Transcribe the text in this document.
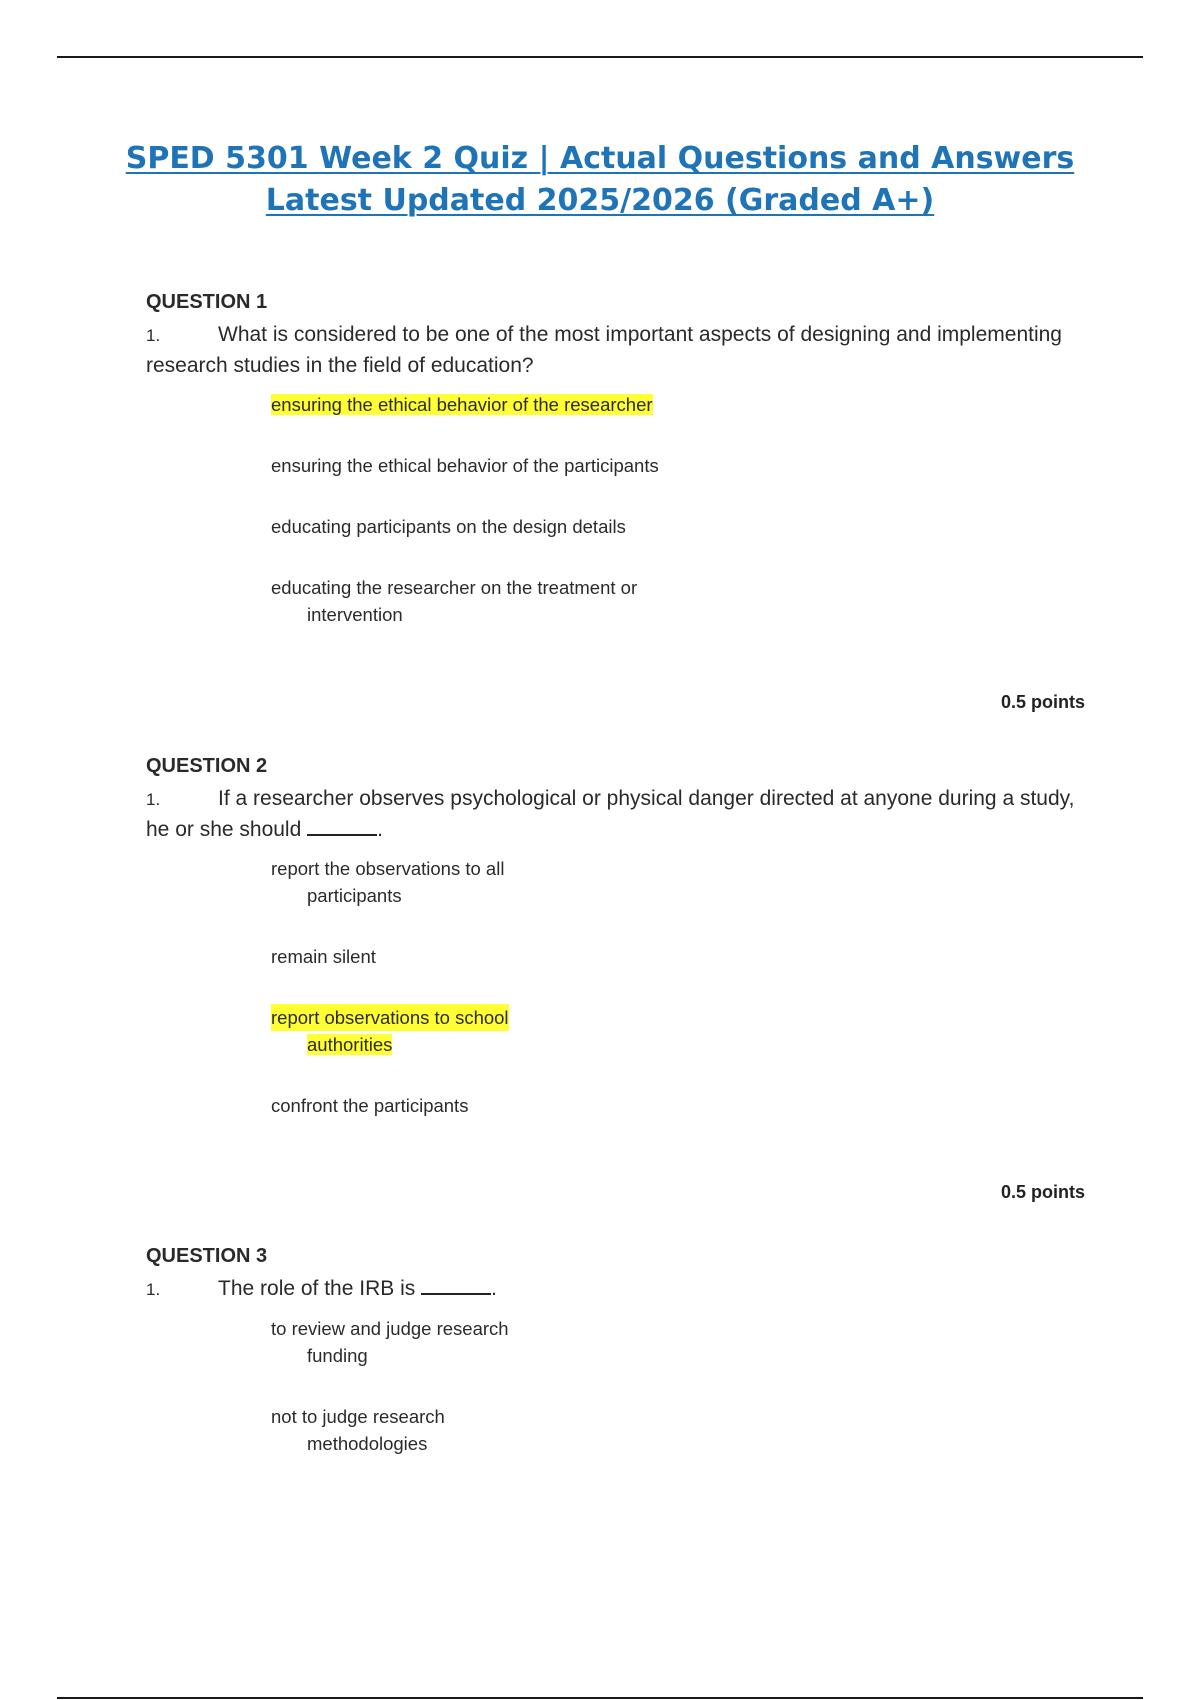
SPED 5301 Week 2 Quiz | Actual Questions and Answers
Latest Updated 2025/2026 (Graded A+)

QUESTION 1

1.	What is considered to be one of the most important aspects of designing and implementing research studies in the field of education?

ensuring the ethical behavior of the researcher
ensuring the ethical behavior of the participants
educating participants on the design details
educating the researcher on the treatment or
intervention
0.5 points

QUESTION 2

1.	If a researcher observes psychological or physical danger directed at anyone during a study, he or she should	.

report the observations to all
participants
remain silent
report observations to school
authorities
confront the participants
0.5 points

QUESTION 3

1.	The role of the IRB is	.

to review and judge research
funding
not to judge research
methodologies
